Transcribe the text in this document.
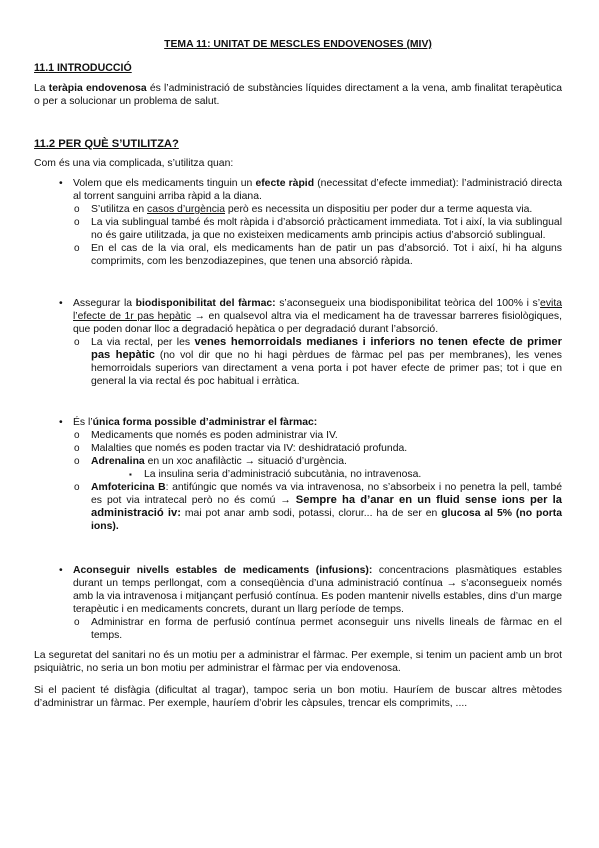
TEMA 11: UNITAT DE MESCLES ENDOVENOSES (MIV)
11.1 INTRODUCCIÓ

La teràpia endovenosa és l’administració de substàncies líquides directament a la vena, amb finalitat terapèutica o per a solucionar un problema de salut.

11.2 PER QUÈ S’UTILITZA?

Com és una via complicada, s’utilitza quan:

• Volem que els medicaments tinguin un efecte ràpid (necessitat d’efecte immediat): l’administració directa al torrent sanguini arriba ràpid a la diana.
o S’utilitza en casos d’urgència però es necessita un dispositiu per poder dur a terme aquesta via.
o La via sublingual també és molt ràpida i d’absorció pràcticament immediata. Tot i així, la via sublingual no és gaire utilitzada, ja que no existeixen medicaments amb principis actius d’absorció sublingual.
o En el cas de la via oral, els medicaments han de patir un pas d’absorció. Tot i així, hi ha alguns comprimits, com les benzodiazepines, que tenen una absorció ràpida.
• Assegurar la biodisponibilitat del fàrmac: s’aconsegueix una biodisponibilitat teòrica del 100% i s’evita l’efecte de 1r pas hepàtic → en qualsevol altra via el medicament ha de travessar barreres fisiològiques, que poden donar lloc a degradació hepàtica o per degradació durant l’absorció.
o La via rectal, per les venes hemorroidals medianes i inferiors no tenen efecte de primer pas hepàtic (no vol dir que no hi hagi pèrdues de fàrmac pel pas per membranes), les venes hemorroidals superiors van directament a vena porta i pot haver efecte de primer pas; tot i que en general la via rectal és poc habitual i erràtica.
• És l’única forma possible d’administrar el fàrmac:
o Medicaments que només es poden administrar via IV.
o Malalties que només es poden tractar via IV: deshidratació profunda.
o Adrenalina en un xoc anafilàctic → situació d’urgència.
▪ La insulina seria d’administració subcutània, no intravenosa.
o Amfotericina B: antifúngic que només va via intravenosa, no s’absorbeix i no penetra la pell, també es pot via intratecal però no és comú → Sempre ha d’anar en un fluid sense ions per la administració iv: mai pot anar amb sodi, potassi, clorur... ha de ser en glucosa al 5% (no porta ions).
• Aconseguir nivells estables de medicaments (infusions): concentracions plasmàtiques estables durant un temps perllongat, com a conseqüència d’una administració contínua → s’aconsegueix només amb la via intravenosa i mitjançant perfusió contínua. Es poden mantenir nivells estables, dins d’un marge terapèutic i en medicaments concrets, durant un llarg període de temps.
o Administrar en forma de perfusió contínua permet aconseguir uns nivells lineals de fàrmac en el temps.

La seguretat del sanitari no és un motiu per a administrar el fàrmac. Per exemple, si tenim un pacient amb un brot psiquiàtric, no seria un bon motiu per administrar el fàrmac per via endovenosa.

Si el pacient té disfàgia (dificultat al tragar), tampoc seria un bon motiu. Hauríem de buscar altres mètodes d’administrar un fàrmac. Per exemple, hauríem d’obrir les càpsules, trencar els comprimits, ....
